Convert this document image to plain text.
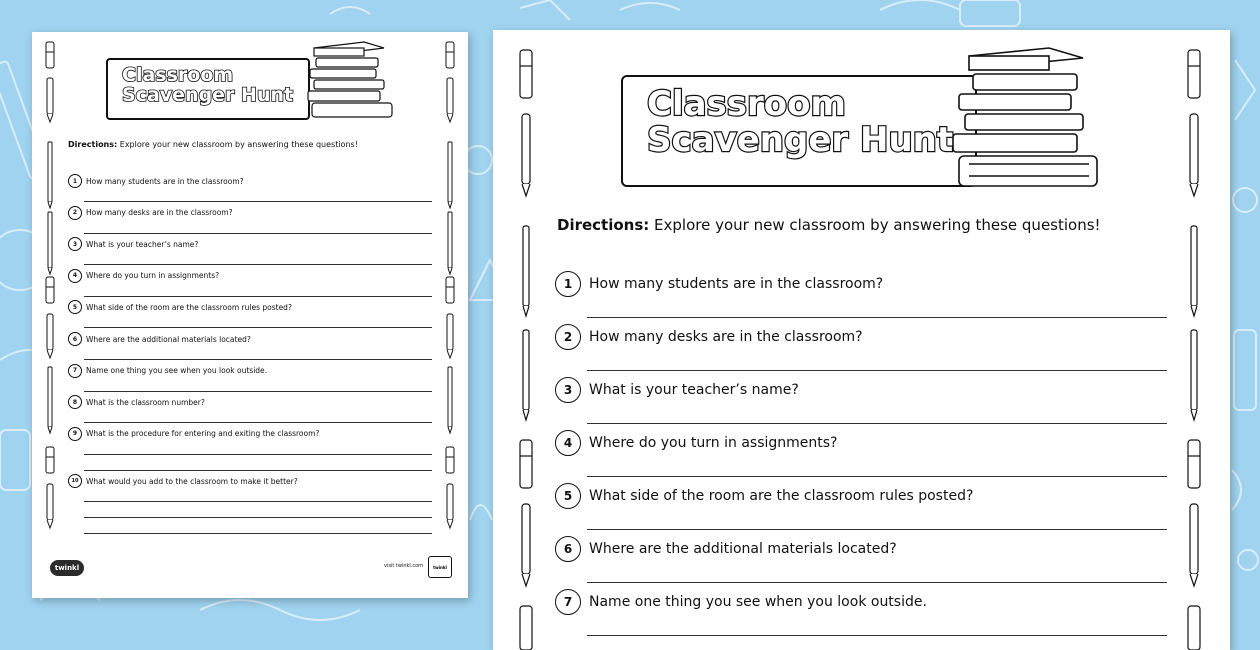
Classroom
Scavenger Hunt
Directions: Explore your new classroom by answering these questions!
1	How many students are in the classroom?
2	How many desks are in the classroom?
3	What is your teacher’s name?
4	Where do you turn in assignments?
5	What side of the room are the classroom rules posted?
6	Where are the additional materials located?
7	Name one thing you see when you look outside.
8	What is the classroom number?
9	What is the procedure for entering and exiting the classroom?
10	What would you add to the classroom to make it better?
twinkl	visit twinkl.com	twinkl
Classroom
Scavenger Hunt
Directions: Explore your new classroom by answering these questions!
1	How many students are in the classroom?
2	How many desks are in the classroom?
3	What is your teacher’s name?
4	Where do you turn in assignments?
5	What side of the room are the classroom rules posted?
6	Where are the additional materials located?
7	Name one thing you see when you look outside.
